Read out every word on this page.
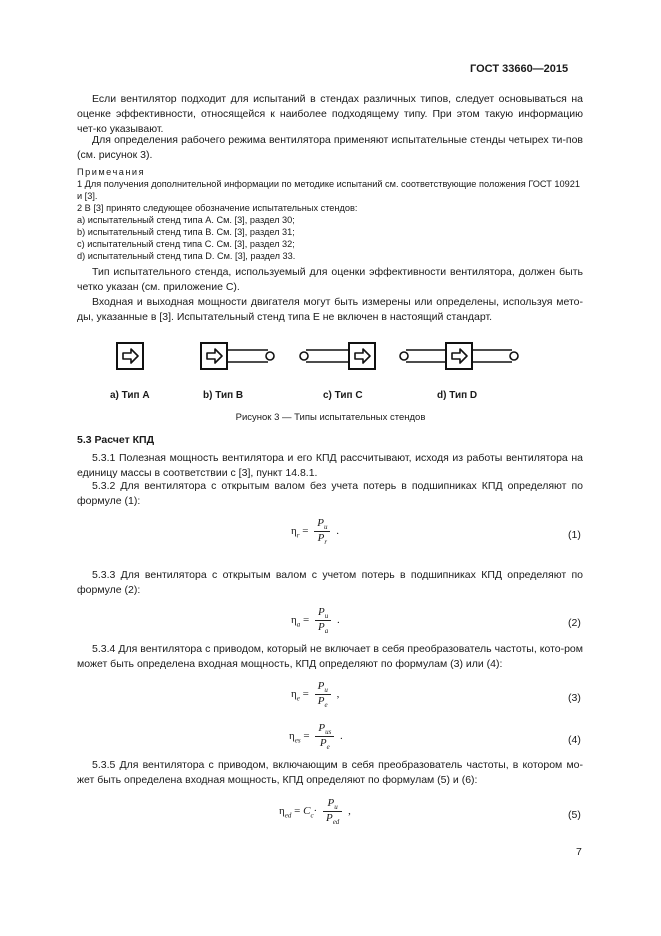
ГОСТ 33660—2015

Если вентилятор подходит для испытаний в стендах различных типов, следует основываться на оценке эффективности, относящейся к наиболее подходящему типу. При этом такую информацию чет-ко указывают.

Для определения рабочего режима вентилятора применяют испытательные стенды четырех ти-пов (см. рисунок 3).

Примечания

1 Для получения дополнительной информации по методике испытаний см. соответствующие положения ГОСТ 10921 и [3].

2 В [3] принято следующее обозначение испытательных стендов:

a) испытательный стенд типа А. См. [3], раздел 30;

b) испытательный стенд типа В. См. [3], раздел 31;

c) испытательный стенд типа С. См. [3], раздел 32;

d) испытательный стенд типа D. См. [3], раздел 33.

Тип испытательного стенда, используемый для оценки эффективности вентилятора, должен быть четко указан (см. приложение С).

Входная и выходная мощности двигателя могут быть измерены или определены, используя мето-ды, указанные в [3]. Испытательный стенд типа Е не включен в настоящий стандарт.

а) Тип А	b) Тип В	c) Тип С	d) Тип D
Рисунок 3 — Типы испытательных стендов
5.3 Расчет КПД

5.3.1 Полезная мощность вентилятора и его КПД рассчитывают, исходя из работы вентилятора на единицу массы в соответствии с [3], пункт 14.8.1.

5.3.2 Для вентилятора с открытым валом без учета потерь в подшипниках КПД определяют по формуле (1):

$\eta_r = \frac{P_u}{P_r}$ .	(1)

5.3.3 Для вентилятора с открытым валом с учетом потерь в подшипниках КПД определяют по формуле (2):

$\eta_a = \frac{P_u}{P_a}$ .	(2)

5.3.4 Для вентилятора с приводом, который не включает в себя преобразователь частоты, кото-ром может быть определена входная мощность, КПД определяют по формулам (3) или (4):

$\eta_e = \frac{P_u}{P_e}$ ,	(3)
$\eta_{es} = \frac{P_{us}}{P_e}$ .	(4)

5.3.5 Для вентилятора с приводом, включающим в себя преобразователь частоты, в котором мо-жет быть определена входная мощность, КПД определяют по формулам (5) и (6):

$\eta_{ed} = C_c\cdot \frac{P_u}{P_{ed}}$ ,	(5)
7
